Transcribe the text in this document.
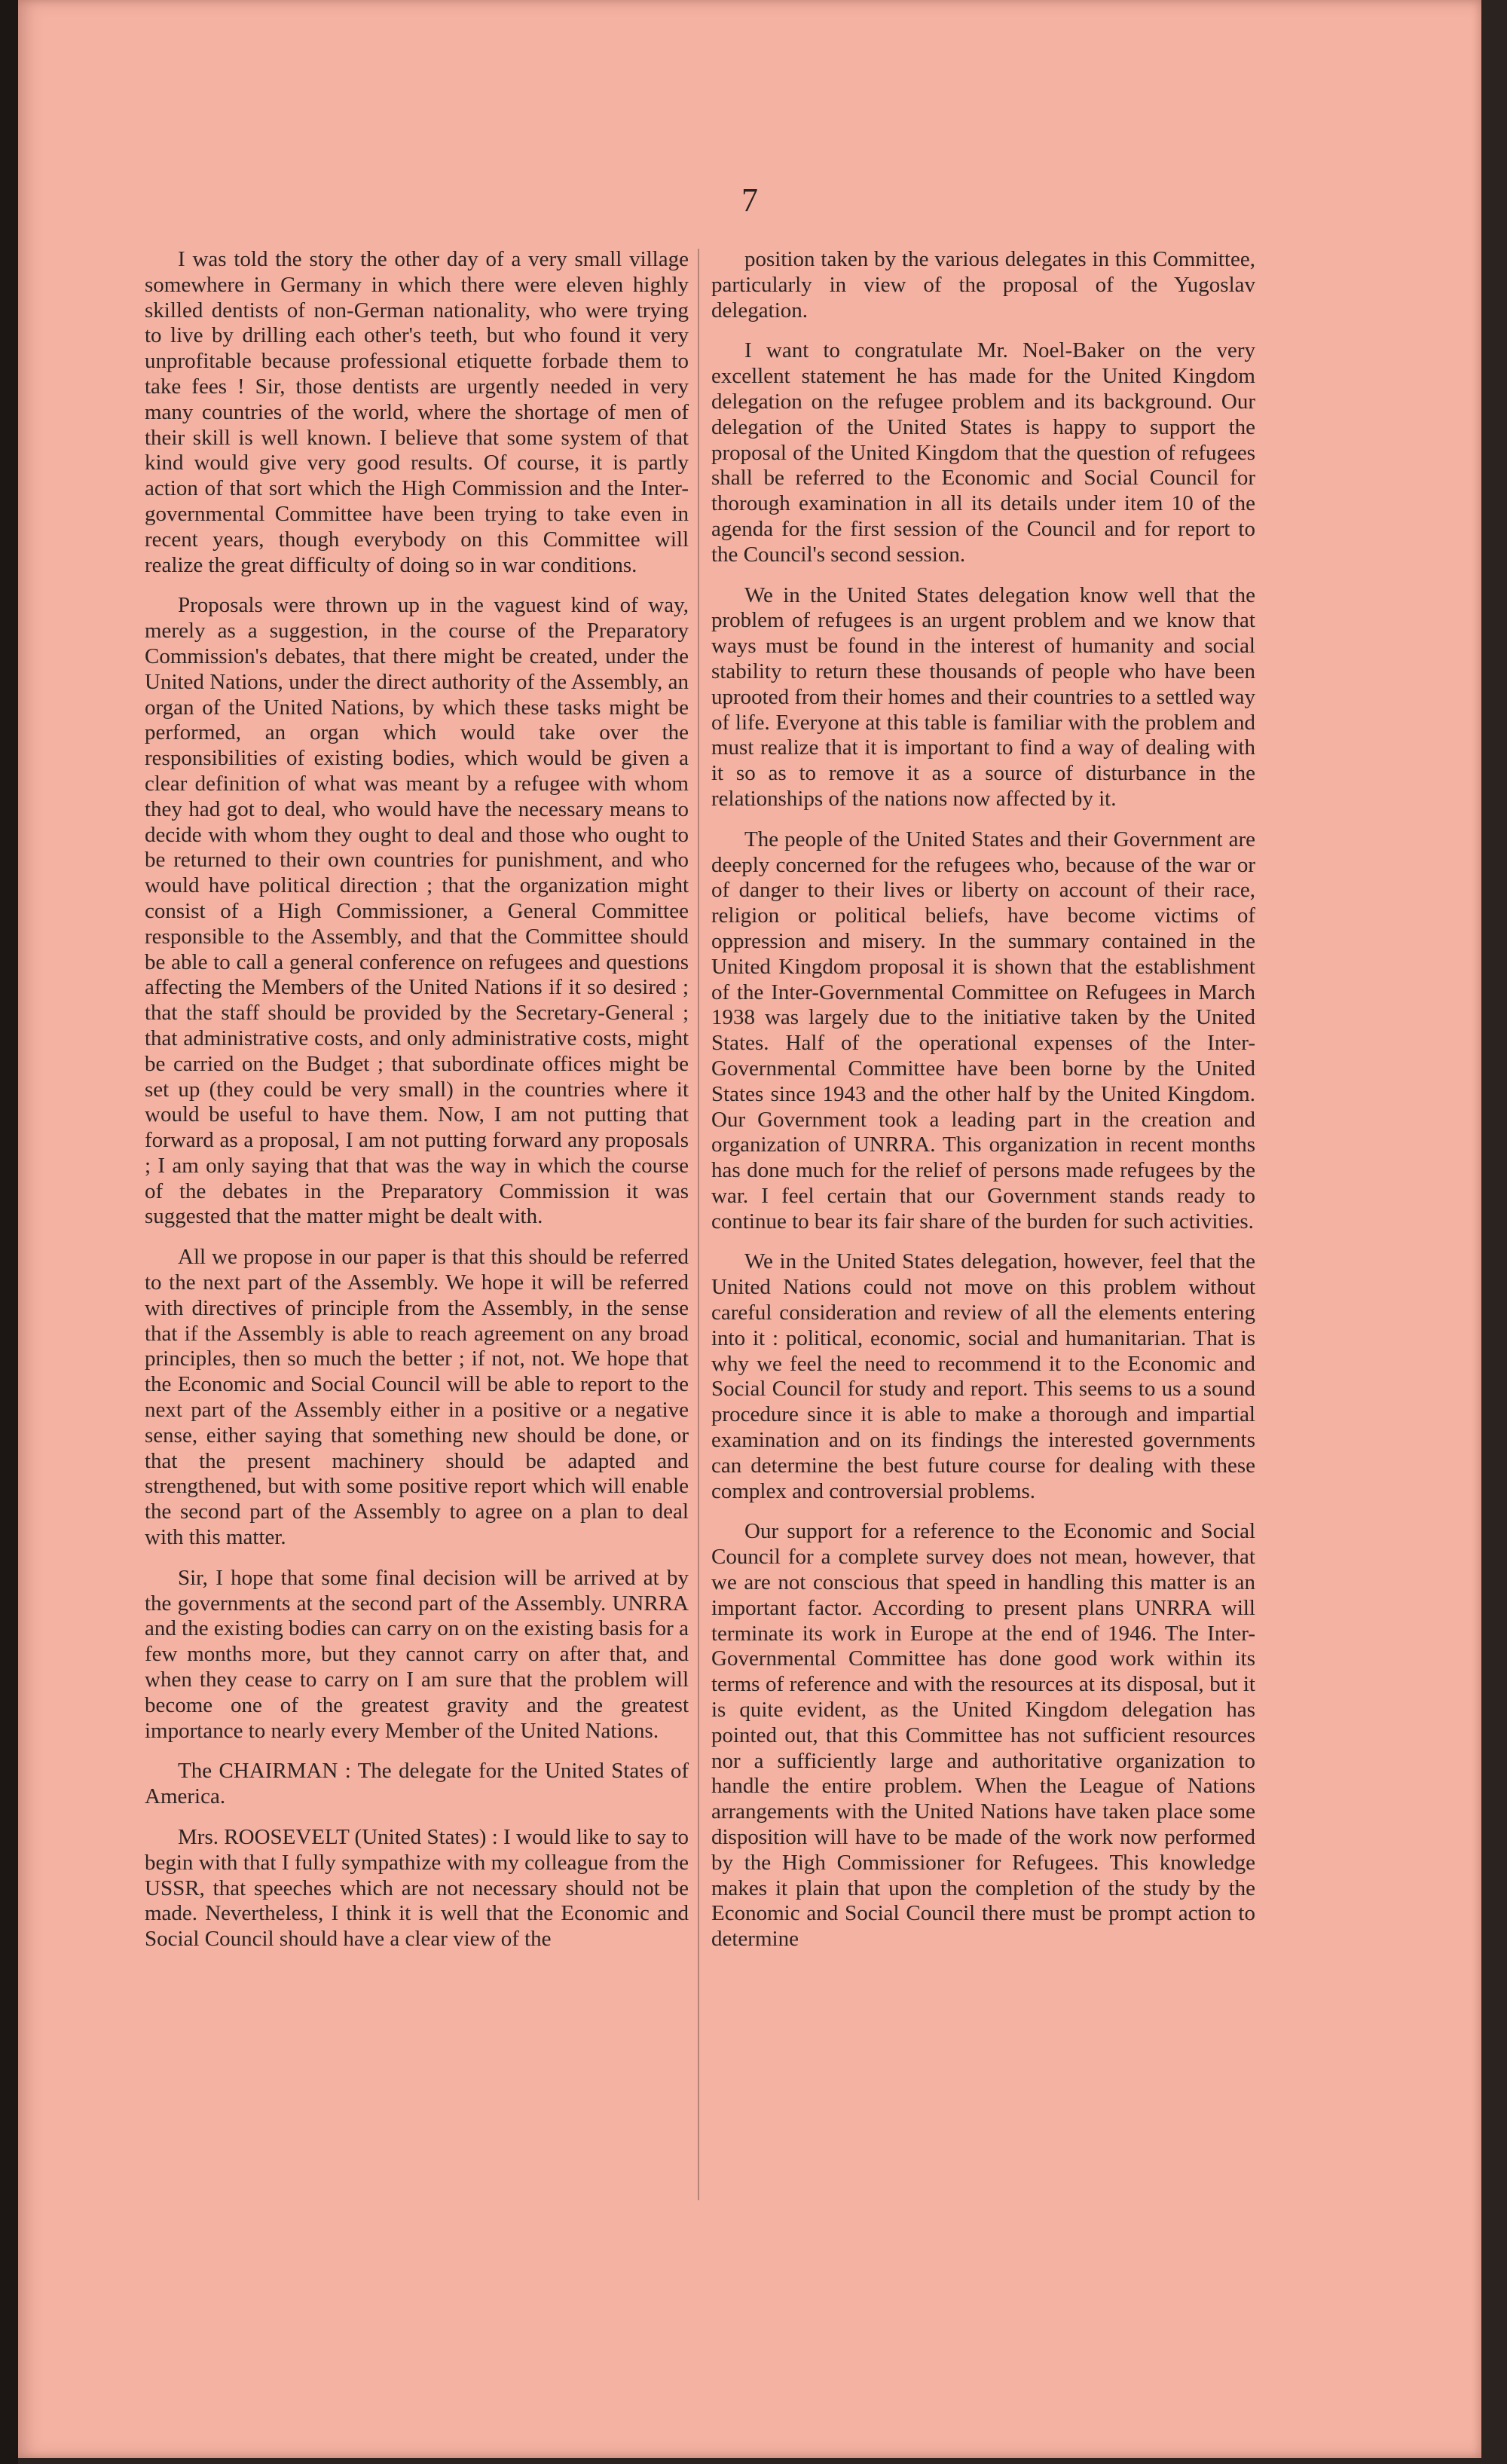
7

I was told the story the other day of a very small village somewhere in Germany in which there were eleven highly skilled dentists of non-German nationality, who were trying to live by drilling each other's teeth, but who found it very unprofitable because professional etiquette forbade them to take fees ! Sir, those dentists are urgently needed in very many countries of the world, where the shortage of men of their skill is well known. I believe that some system of that kind would give very good results. Of course, it is partly action of that sort which the High Commission and the Inter-governmental Committee have been trying to take even in recent years, though everybody on this Committee will realize the great difficulty of doing so in war conditions.

Proposals were thrown up in the vaguest kind of way, merely as a suggestion, in the course of the Preparatory Commission's debates, that there might be created, under the United Nations, under the direct authority of the Assembly, an organ of the United Nations, by which these tasks might be performed, an organ which would take over the responsibilities of existing bodies, which would be given a clear definition of what was meant by a refugee with whom they had got to deal, who would have the necessary means to decide with whom they ought to deal and those who ought to be returned to their own countries for punishment, and who would have political direction ; that the organization might consist of a High Commissioner, a General Committee responsible to the Assembly, and that the Committee should be able to call a general conference on refugees and questions affecting the Members of the United Nations if it so desired ; that the staff should be provided by the Secretary-General ; that administrative costs, and only administrative costs, might be carried on the Budget ; that subordinate offices might be set up (they could be very small) in the countries where it would be useful to have them. Now, I am not putting that forward as a proposal, I am not putting forward any proposals ; I am only saying that that was the way in which the course of the debates in the Preparatory Commission it was suggested that the matter might be dealt with.

All we propose in our paper is that this should be referred to the next part of the Assembly. We hope it will be referred with directives of principle from the Assembly, in the sense that if the Assembly is able to reach agreement on any broad principles, then so much the better ; if not, not. We hope that the Economic and Social Council will be able to report to the next part of the Assembly either in a positive or a negative sense, either saying that something new should be done, or that the present machinery should be adapted and strengthened, but with some positive report which will enable the second part of the Assembly to agree on a plan to deal with this matter.

Sir, I hope that some final decision will be arrived at by the governments at the second part of the Assembly. UNRRA and the existing bodies can carry on on the existing basis for a few months more, but they cannot carry on after that, and when they cease to carry on I am sure that the problem will become one of the greatest gravity and the greatest importance to nearly every Member of the United Nations.

The CHAIRMAN : The delegate for the United States of America.

Mrs. ROOSEVELT (United States) : I would like to say to begin with that I fully sympathize with my colleague from the USSR, that speeches which are not necessary should not be made. Nevertheless, I think it is well that the Economic and Social Council should have a clear view of the

position taken by the various delegates in this Committee, particularly in view of the proposal of the Yugoslav delegation.

I want to congratulate Mr. Noel-Baker on the very excellent statement he has made for the United Kingdom delegation on the refugee problem and its background. Our delegation of the United States is happy to support the proposal of the United Kingdom that the question of refugees shall be referred to the Economic and Social Council for thorough examination in all its details under item 10 of the agenda for the first session of the Council and for report to the Council's second session.

We in the United States delegation know well that the problem of refugees is an urgent problem and we know that ways must be found in the interest of humanity and social stability to return these thousands of people who have been uprooted from their homes and their countries to a settled way of life. Everyone at this table is familiar with the problem and must realize that it is important to find a way of dealing with it so as to remove it as a source of disturbance in the relationships of the nations now affected by it.

The people of the United States and their Government are deeply concerned for the refugees who, because of the war or of danger to their lives or liberty on account of their race, religion or political beliefs, have become victims of oppression and misery. In the summary contained in the United Kingdom proposal it is shown that the establishment of the Inter-Governmental Committee on Refugees in March 1938 was largely due to the initiative taken by the United States. Half of the operational expenses of the Inter-Governmental Committee have been borne by the United States since 1943 and the other half by the United Kingdom. Our Government took a leading part in the creation and organization of UNRRA. This organization in recent months has done much for the relief of persons made refugees by the war. I feel certain that our Government stands ready to continue to bear its fair share of the burden for such activities.

We in the United States delegation, however, feel that the United Nations could not move on this problem without careful consideration and review of all the elements entering into it : political, economic, social and humanitarian. That is why we feel the need to recommend it to the Economic and Social Council for study and report. This seems to us a sound procedure since it is able to make a thorough and impartial examination and on its findings the interested governments can determine the best future course for dealing with these complex and controversial problems.

Our support for a reference to the Economic and Social Council for a complete survey does not mean, however, that we are not conscious that speed in handling this matter is an important factor. According to present plans UNRRA will terminate its work in Europe at the end of 1946. The Inter-Governmental Committee has done good work within its terms of reference and with the resources at its disposal, but it is quite evident, as the United Kingdom delegation has pointed out, that this Committee has not sufficient resources nor a sufficiently large and authoritative organization to handle the entire problem. When the League of Nations arrangements with the United Nations have taken place some disposition will have to be made of the work now performed by the High Commissioner for Refugees. This knowledge makes it plain that upon the completion of the study by the Economic and Social Council there must be prompt action to determine
